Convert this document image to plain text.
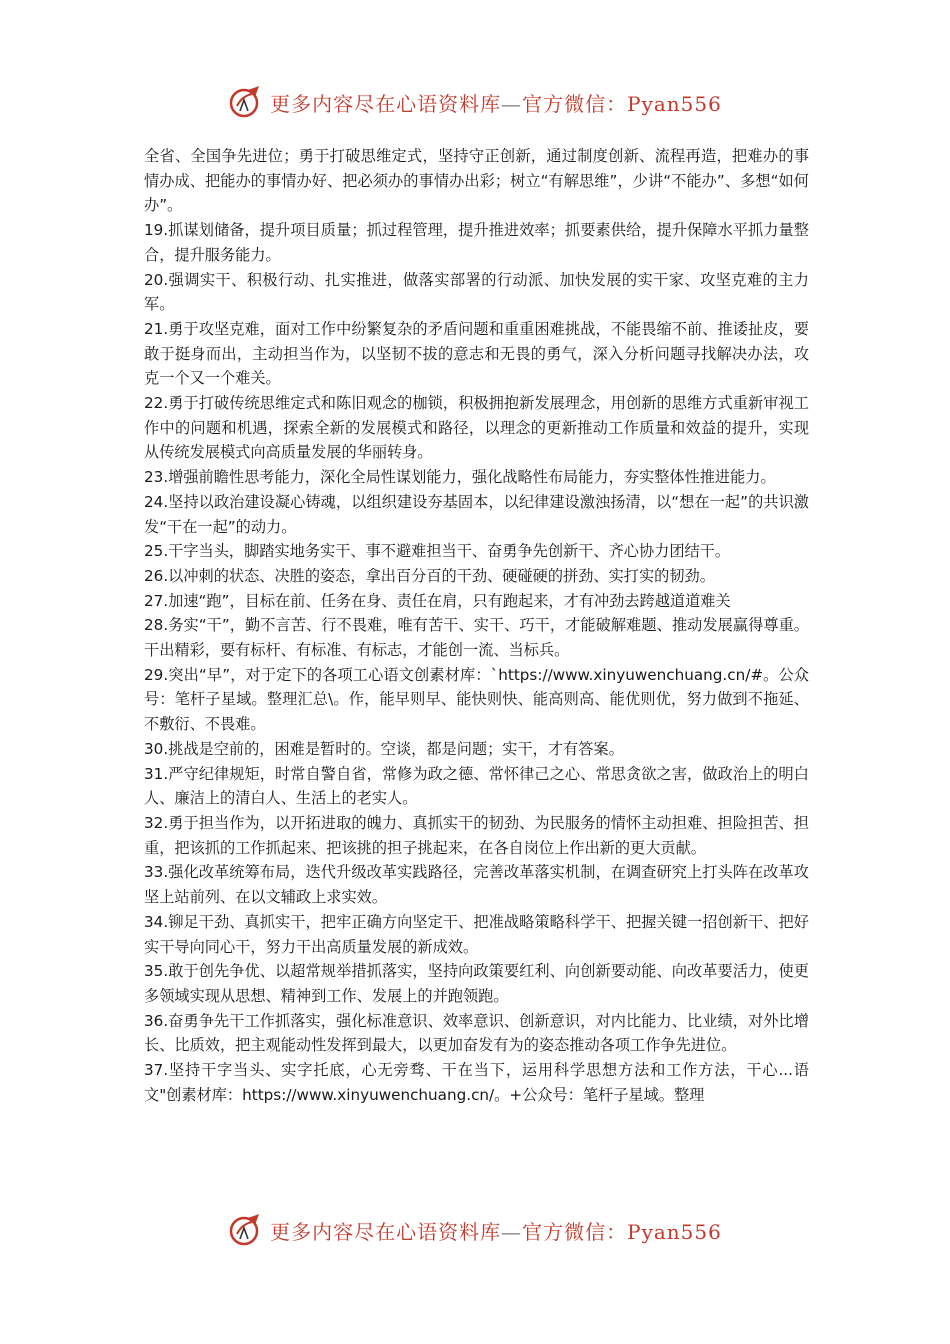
更多内容尽在心语资料库—官方微信：Pyan556

全省、全国争先进位；勇于打破思维定式，坚持守正创新，通过制度创新、流程再造，把难办的事情办成、把能办的事情办好、把必须办的事情办出彩；树立“有解思维”，少讲“不能办”、多想“如何办”。

19.抓谋划储备，提升项目质量；抓过程管理，提升推进效率；抓要素供给，提升保障水平抓力量整合，提升服务能力。

20.强调实干、积极行动、扎实推进，做落实部署的行动派、加快发展的实干家、攻坚克难的主力军。

21.勇于攻坚克难，面对工作中纷繁复杂的矛盾问题和重重困难挑战，不能畏缩不前、推诿扯皮，要敢于挺身而出，主动担当作为，以坚韧不拔的意志和无畏的勇气，深入分析问题寻找解决办法，攻克一个又一个难关。

22.勇于打破传统思维定式和陈旧观念的枷锁，积极拥抱新发展理念，用创新的思维方式重新审视工作中的问题和机遇，探索全新的发展模式和路径，以理念的更新推动工作质量和效益的提升，实现从传统发展模式向高质量发展的华丽转身。

23.增强前瞻性思考能力，深化全局性谋划能力，强化战略性布局能力，夯实整体性推进能力。

24.坚持以政治建设凝心铸魂，以组织建设夯基固本，以纪律建设激浊扬清，以“想在一起”的共识激发“干在一起”的动力。

25.干字当头，脚踏实地务实干、事不避难担当干、奋勇争先创新干、齐心协力团结干。

26.以冲刺的状态、决胜的姿态，拿出百分百的干劲、硬碰硬的拼劲、实打实的韧劲。

27.加速“跑”，目标在前、任务在身、责任在肩，只有跑起来，才有冲劲去跨越道道难关

28.务实“干”，勤不言苦、行不畏难，唯有苦干、实干、巧干，才能破解难题、推动发展赢得尊重。干出精彩，要有标杆、有标准、有标志，才能创一流、当标兵。

29.突出“早”，对于定下的各项工心语文创素材库：`https://www.xinyuwenchuang.cn/#。公众号：笔杆子星域。整理汇总\。作，能早则早、能快则快、能高则高、能优则优，努力做到不拖延、不敷衍、不畏难。

30.挑战是空前的，困难是暂时的。空谈，都是问题；实干，才有答案。

31.严守纪律规矩，时常自警自省，常修为政之德、常怀律己之心、常思贪欲之害，做政治上的明白人、廉洁上的清白人、生活上的老实人。

32.勇于担当作为，以开拓进取的魄力、真抓实干的韧劲、为民服务的情怀主动担难、担险担苦、担重，把该抓的工作抓起来、把该挑的担子挑起来，在各自岗位上作出新的更大贡献。

33.强化改革统筹布局，迭代升级改革实践路径，完善改革落实机制，在调查研究上打头阵在改革攻坚上站前列、在以文辅政上求实效。

34.铆足干劲、真抓实干，把牢正确方向坚定干、把准战略策略科学干、把握关键一招创新干、把好实干导向同心干，努力干出高质量发展的新成效。

35.敢于创先争优、以超常规举措抓落实，坚持向政策要红利、向创新要动能、向改革要活力，使更多领域实现从思想、精神到工作、发展上的并跑领跑。

36.奋勇争先干工作抓落实，强化标准意识、效率意识、创新意识，对内比能力、比业绩，对外比增长、比质效，把主观能动性发挥到最大，以更加奋发有为的姿态推动各项工作争先进位。

37.坚持干字当头、实字托底，心无旁骛、干在当下，运用科学思想方法和工作方法，干心...语文"创素材库：https://www.xinyuwenchuang.cn/。+公众号：笔杆子星域。整理

更多内容尽在心语资料库—官方微信：Pyan556
